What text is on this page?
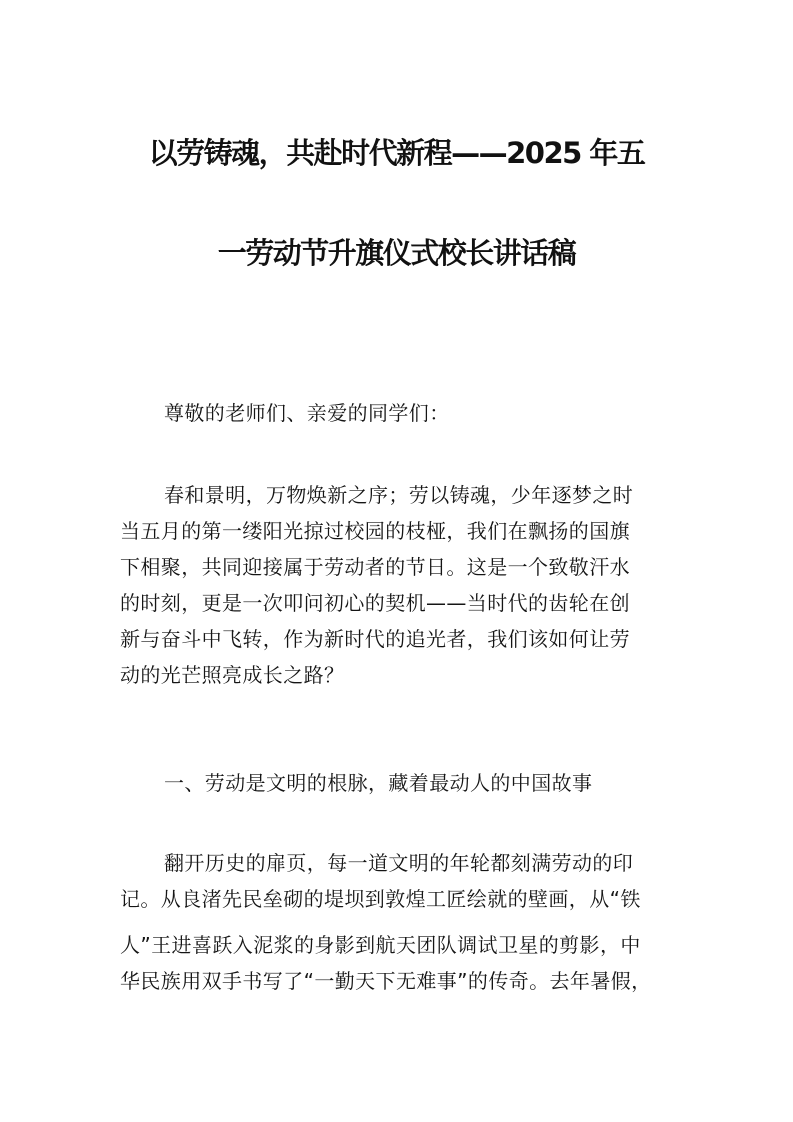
以劳铸魂，共赴时代新程——2025 年五
一劳动节升旗仪式校长讲话稿
尊敬的老师们、亲爱的同学们：
春和景明，万物焕新之序；劳以铸魂，少年逐梦之时
当五月的第一缕阳光掠过校园的枝桠，我们在飘扬的国旗
下相聚，共同迎接属于劳动者的节日。这是一个致敬汗水
的时刻，更是一次叩问初心的契机——当时代的齿轮在创
新与奋斗中飞转，作为新时代的追光者，我们该如何让劳
动的光芒照亮成长之路？
一、劳动是文明的根脉，藏着最动人的中国故事
翻开历史的扉页，每一道文明的年轮都刻满劳动的印
记。从良渚先民垒砌的堤坝到敦煌工匠绘就的壁画，从“铁
人”王进喜跃入泥浆的身影到航天团队调试卫星的剪影，中
华民族用双手书写了“一勤天下无难事”的传奇。去年暑假，
